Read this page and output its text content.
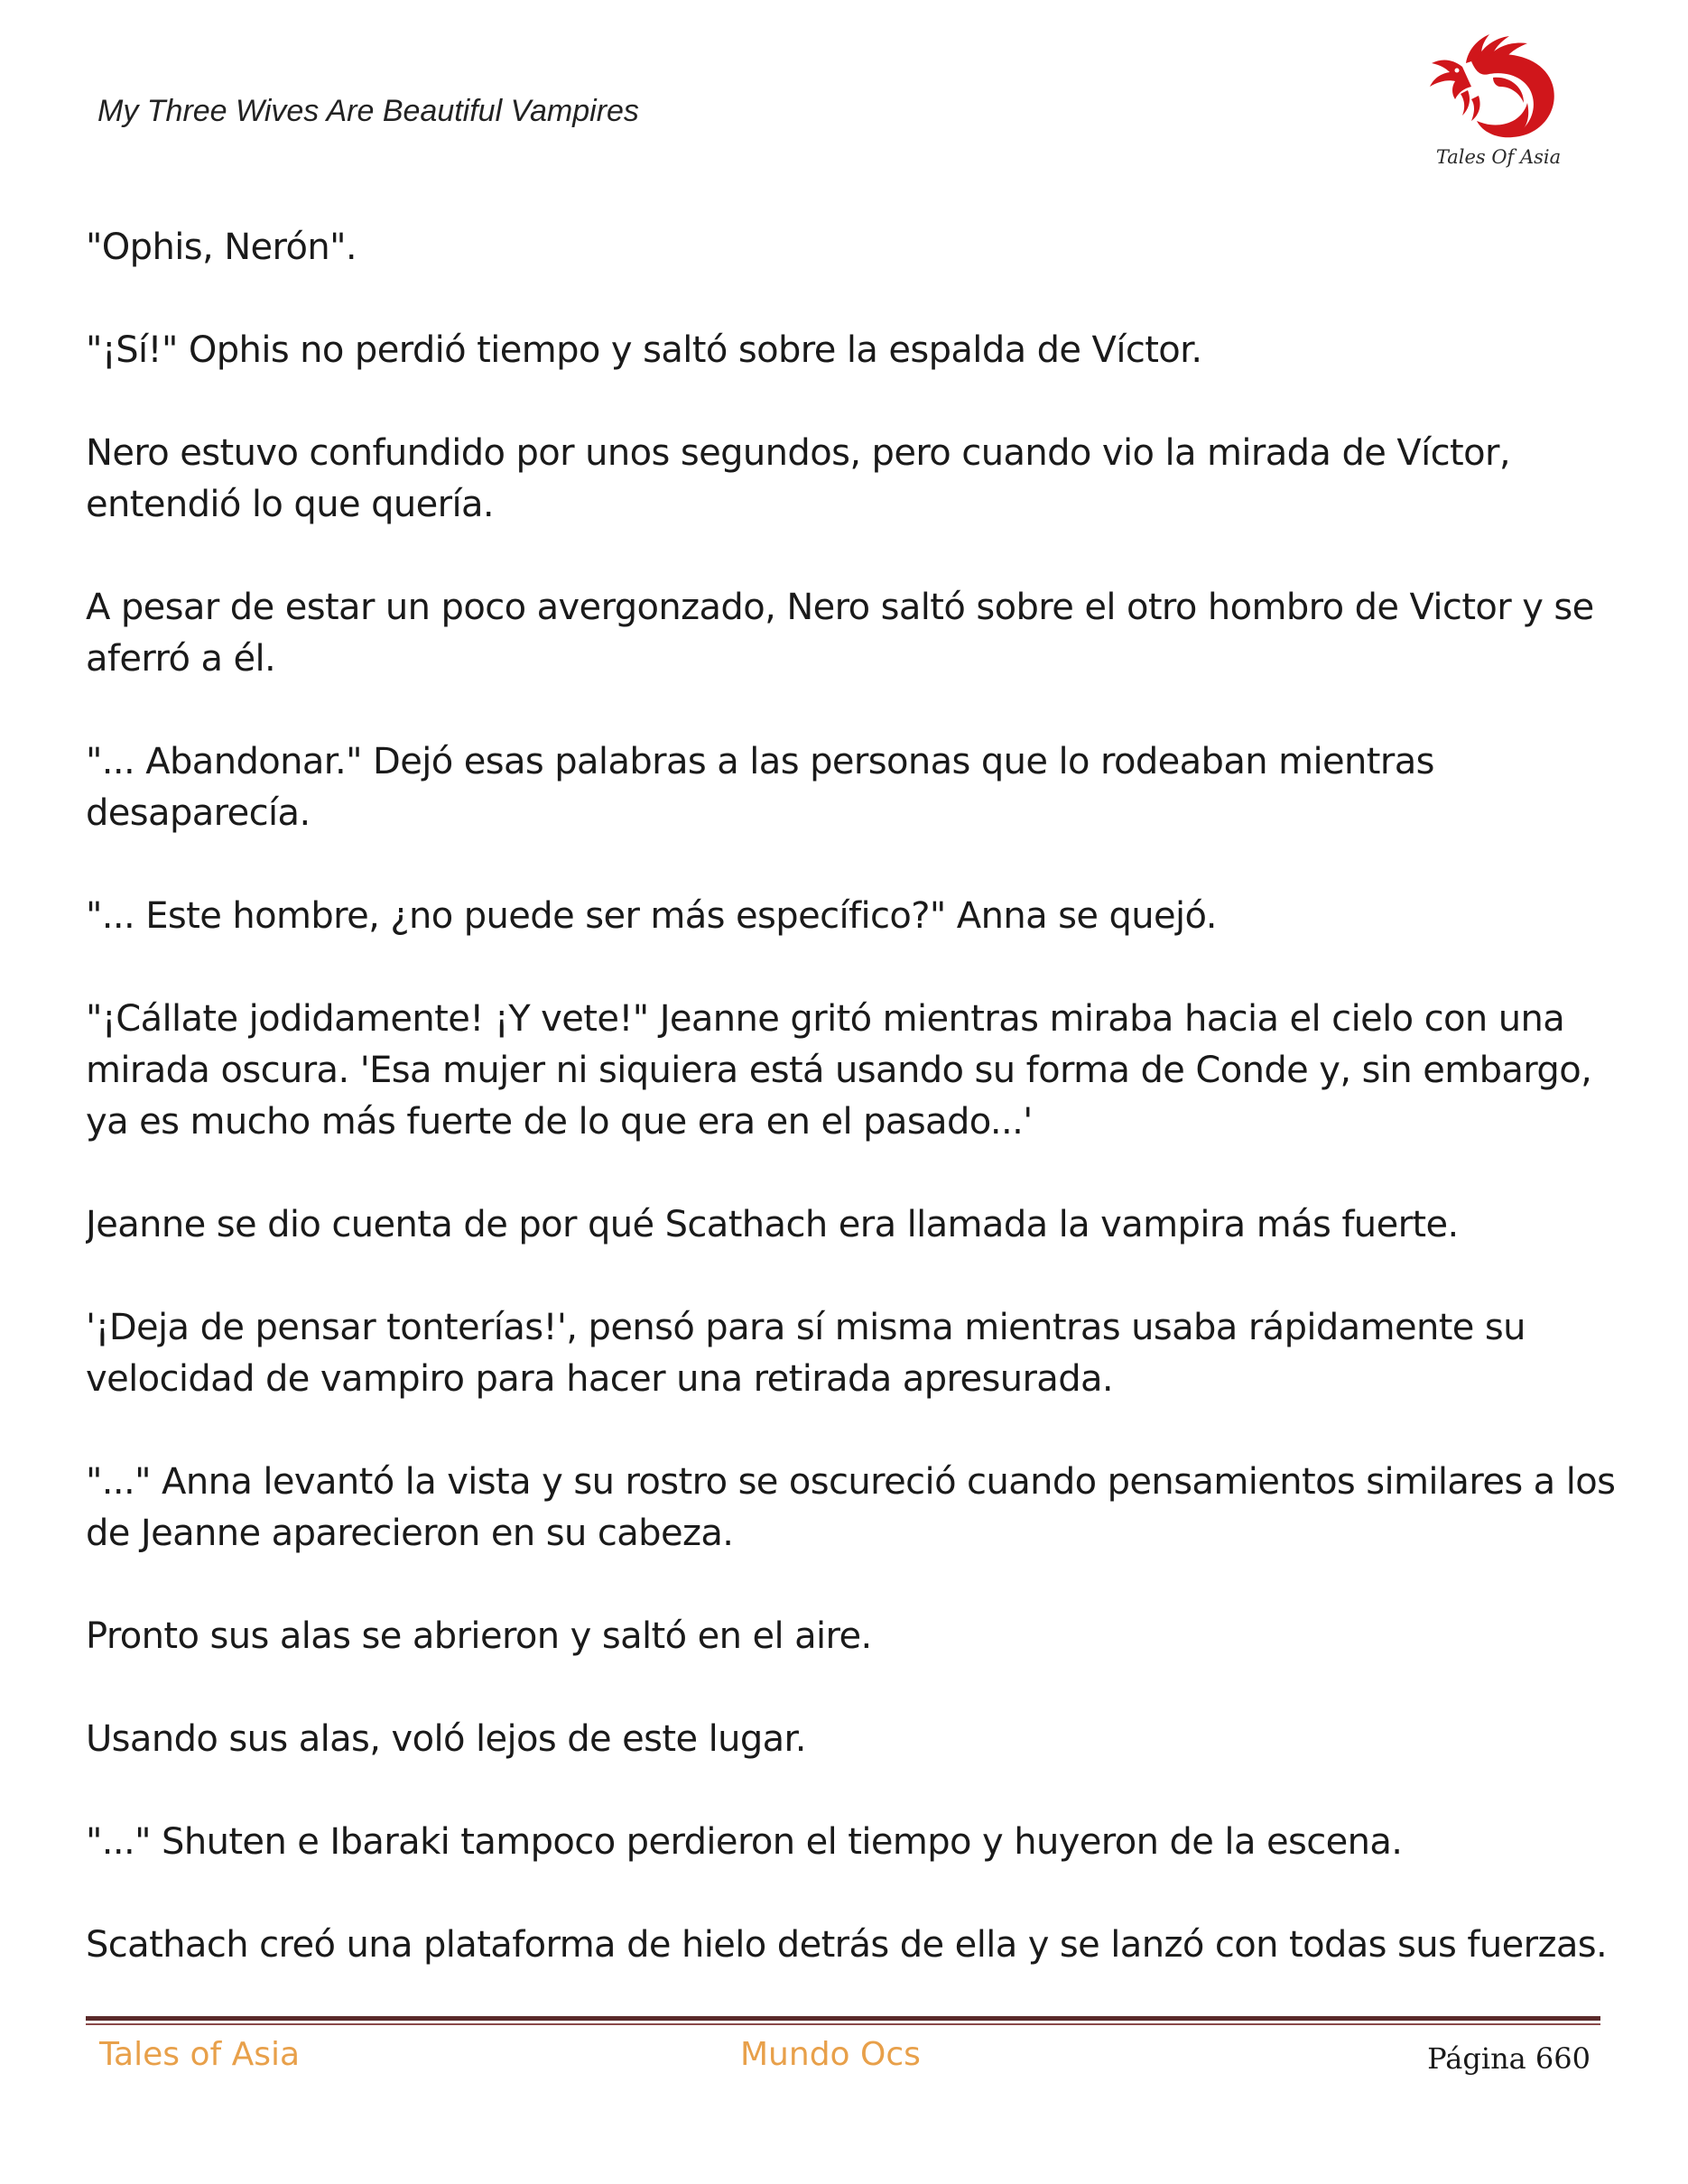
My Three Wives Are Beautiful Vampires
Tales Of Asia

"Ophis, Nerón".

"¡Sí!" Ophis no perdió tiempo y saltó sobre la espalda de Víctor.

Nero estuvo confundido por unos segundos, pero cuando vio la mirada de Víctor, entendió lo que quería.

A pesar de estar un poco avergonzado, Nero saltó sobre el otro hombro de Victor y se aferró a él.

"... Abandonar." Dejó esas palabras a las personas que lo rodeaban mientras desaparecía.

"... Este hombre, ¿no puede ser más específico?" Anna se quejó.

"¡Cállate jodidamente! ¡Y vete!" Jeanne gritó mientras miraba hacia el cielo con una mirada oscura. 'Esa mujer ni siquiera está usando su forma de Conde y, sin embargo, ya es mucho más fuerte de lo que era en el pasado...'

Jeanne se dio cuenta de por qué Scathach era llamada la vampira más fuerte.

'¡Deja de pensar tonterías!', pensó para sí misma mientras usaba rápidamente su velocidad de vampiro para hacer una retirada apresurada.

"..." Anna levantó la vista y su rostro se oscureció cuando pensamientos similares a los de Jeanne aparecieron en su cabeza.

Pronto sus alas se abrieron y saltó en el aire.

Usando sus alas, voló lejos de este lugar.

"..." Shuten e Ibaraki tampoco perdieron el tiempo y huyeron de la escena.

Scathach creó una plataforma de hielo detrás de ella y se lanzó con todas sus fuerzas.

Tales of Asia	Mundo Ocs	Página 660
